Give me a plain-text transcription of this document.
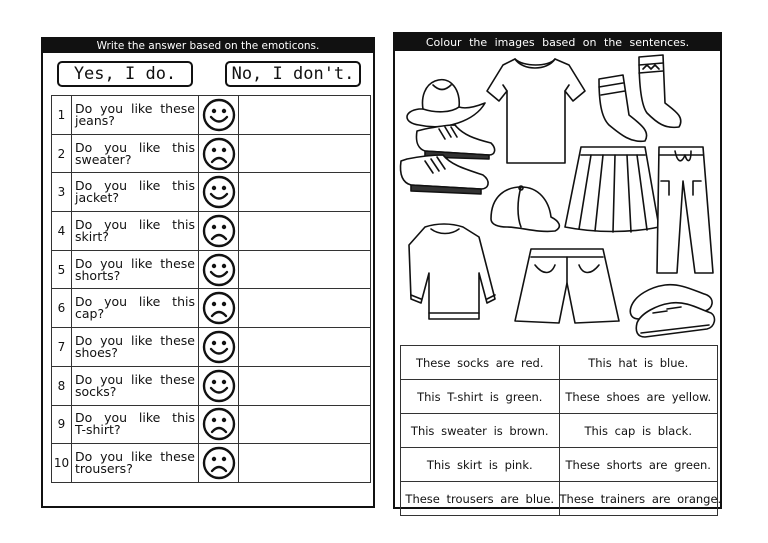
Write the answer based on the emoticons.
Yes, I do.	No, I don't.
1	Do you like these
jeans?

2	Do you like this
sweater?

3	Do you like this
jacket?

4	Do you like this
skirt?

5	Do you like these
shorts?

6	Do you like this
cap?

7	Do you like these
shoes?

8	Do you like these
socks?

9	Do you like this
T-shirt?

10	Do you like these
trousers?

Colour the images based on the sentences.
These socks are red.	This hat is blue.
This T-shirt is green.	These shoes are yellow.
This sweater is brown.	This cap is black.
This skirt is pink.	These shorts are green.
These trousers are blue.	These trainers are orange.
